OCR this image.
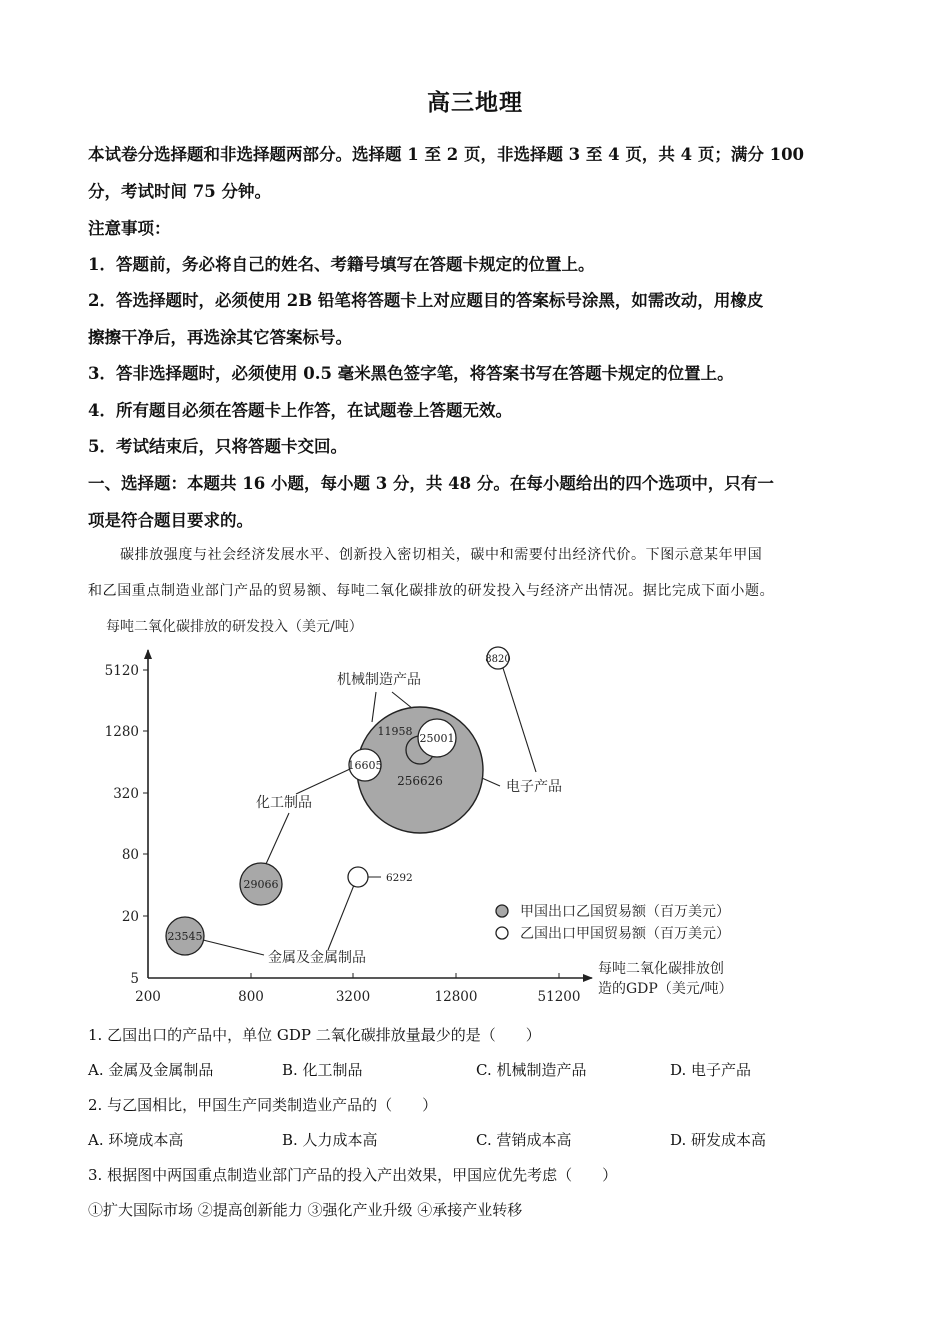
高三地理
本试卷分选择题和非选择题两部分。选择题 1 至 2 页，非选择题 3 至 4 页，共 4 页；满分 100
分，考试时间 75 分钟。
注意事项：
1．答题前，务必将自己的姓名、考籍号填写在答题卡规定的位置上。
2．答选择题时，必须使用 2B 铅笔将答题卡上对应题目的答案标号涂黑，如需改动，用橡皮
擦擦干净后，再选涂其它答案标号。
3．答非选择题时，必须使用 0.5 毫米黑色签字笔，将答案书写在答题卡规定的位置上。
4．所有题目必须在答题卡上作答，在试题卷上答题无效。
5．考试结束后，只将答题卡交回。
一、选择题：本题共 16 小题，每小题 3 分，共 48 分。在每小题给出的四个选项中，只有一
项是符合题目要求的。
碳排放强度与社会经济发展水平、创新投入密切相关，碳中和需要付出经济代价。下图示意某年甲国
和乙国重点制造业部门产品的贸易额、每吨二氧化碳排放的研发投入与经济产出情况。据比完成下面小题。
每吨二氧化碳排放的研发投入（美元/吨）
5120
1280
320
80
20
5
200	800	3200	12800	51200
每吨二氧化碳排放创
造的GDP（美元/吨）
256626
11958
25001
16605
8820
29066
23545
6292
机械制造产品
化工制品
电子产品
金属及金属制品
甲国出口乙国贸易额（百万美元）
乙国出口甲国贸易额（百万美元）
1. 乙国出口的产品中，单位 GDP 二氧化碳排放量最少的是（　　）
A. 金属及金属制品	B. 化工制品	C. 机械制造产品	D. 电子产品
2. 与乙国相比，甲国生产同类制造业产品的（　　）
A. 环境成本高	B. 人力成本高	C. 营销成本高	D. 研发成本高
3. 根据图中两国重点制造业部门产品的投入产出效果，甲国应优先考虑（　　）
①扩大国际市场 ②提高创新能力 ③强化产业升级 ④承接产业转移
